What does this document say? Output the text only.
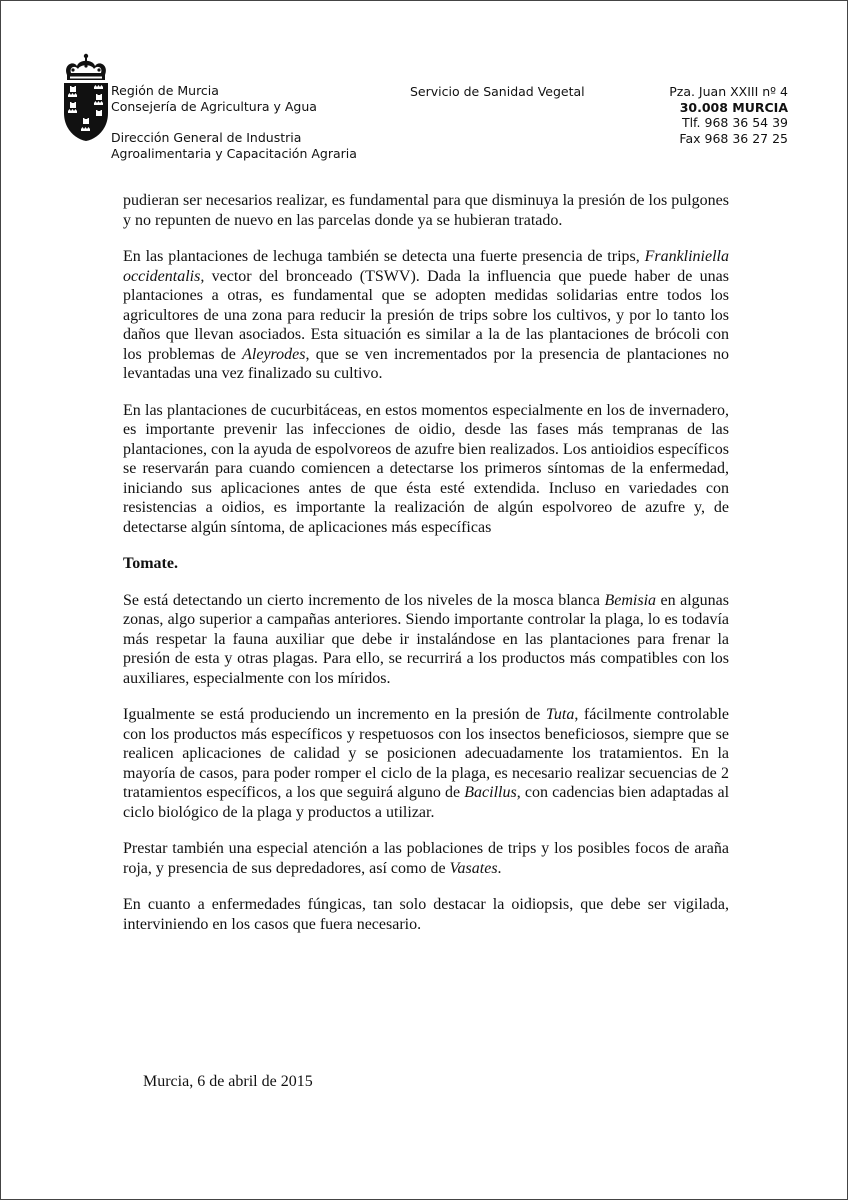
Región de Murcia
Consejería de Agricultura y Agua
Dirección General de Industria
Agroalimentaria y Capacitación Agraria
Servicio de Sanidad Vegetal	Pza. Juan XXIII nº 4
30.008 MURCIA
Tlf. 968 36 54 39
Fax 968 36 27 25

pudieran ser necesarios realizar, es fundamental para que disminuya la presión de los pulgones y no repunten de nuevo en las parcelas donde ya se hubieran tratado.

En las plantaciones de lechuga también se detecta una fuerte presencia de trips, Frankliniella occidentalis, vector del bronceado (TSWV). Dada la influencia que puede haber de unas plantaciones a otras, es fundamental que se adopten medidas solidarias entre todos los agricultores de una zona para reducir la presión de trips sobre los cultivos, y por lo tanto los daños que llevan asociados. Esta situación es similar a la de las plantaciones de brócoli con los problemas de Aleyrodes, que se ven incrementados por la presencia de plantaciones no levantadas una vez finalizado su cultivo.

En las plantaciones de cucurbitáceas, en estos momentos especialmente en los de invernadero, es importante prevenir las infecciones de oidio, desde las fases más tempranas de las plantaciones, con la ayuda de espolvoreos de azufre bien realizados. Los antioidios específicos se reservarán para cuando comiencen a detectarse los primeros síntomas de la enfermedad, iniciando sus aplicaciones antes de que ésta esté extendida. Incluso en variedades con resistencias a oidios, es importante la realización de algún espolvoreo de azufre y, de detectarse algún síntoma, de aplicaciones más específicas

Tomate.

Se está detectando un cierto incremento de los niveles de la mosca blanca Bemisia en algunas zonas, algo superior a campañas anteriores. Siendo importante controlar la plaga, lo es todavía más respetar la fauna auxiliar que debe ir instalándose en las plantaciones para frenar la presión de esta y otras plagas. Para ello, se recurrirá a los productos más compatibles con los auxiliares, especialmente con los míridos.

Igualmente se está produciendo un incremento en la presión de Tuta, fácilmente controlable con los productos más específicos y respetuosos con los insectos beneficiosos, siempre que se realicen aplicaciones de calidad y se posicionen adecuadamente los tratamientos. En la mayoría de casos, para poder romper el ciclo de la plaga, es necesario realizar secuencias de 2 tratamientos específicos, a los que seguirá alguno de Bacillus, con cadencias bien adaptadas al ciclo biológico de la plaga y productos a utilizar.

Prestar también una especial atención a las poblaciones de trips y los posibles focos de araña roja, y presencia de sus depredadores, así como de Vasates.

En cuanto a enfermedades fúngicas, tan solo destacar la oidiopsis, que debe ser vigilada, interviniendo en los casos que fuera necesario.

Murcia, 6 de abril de 2015
